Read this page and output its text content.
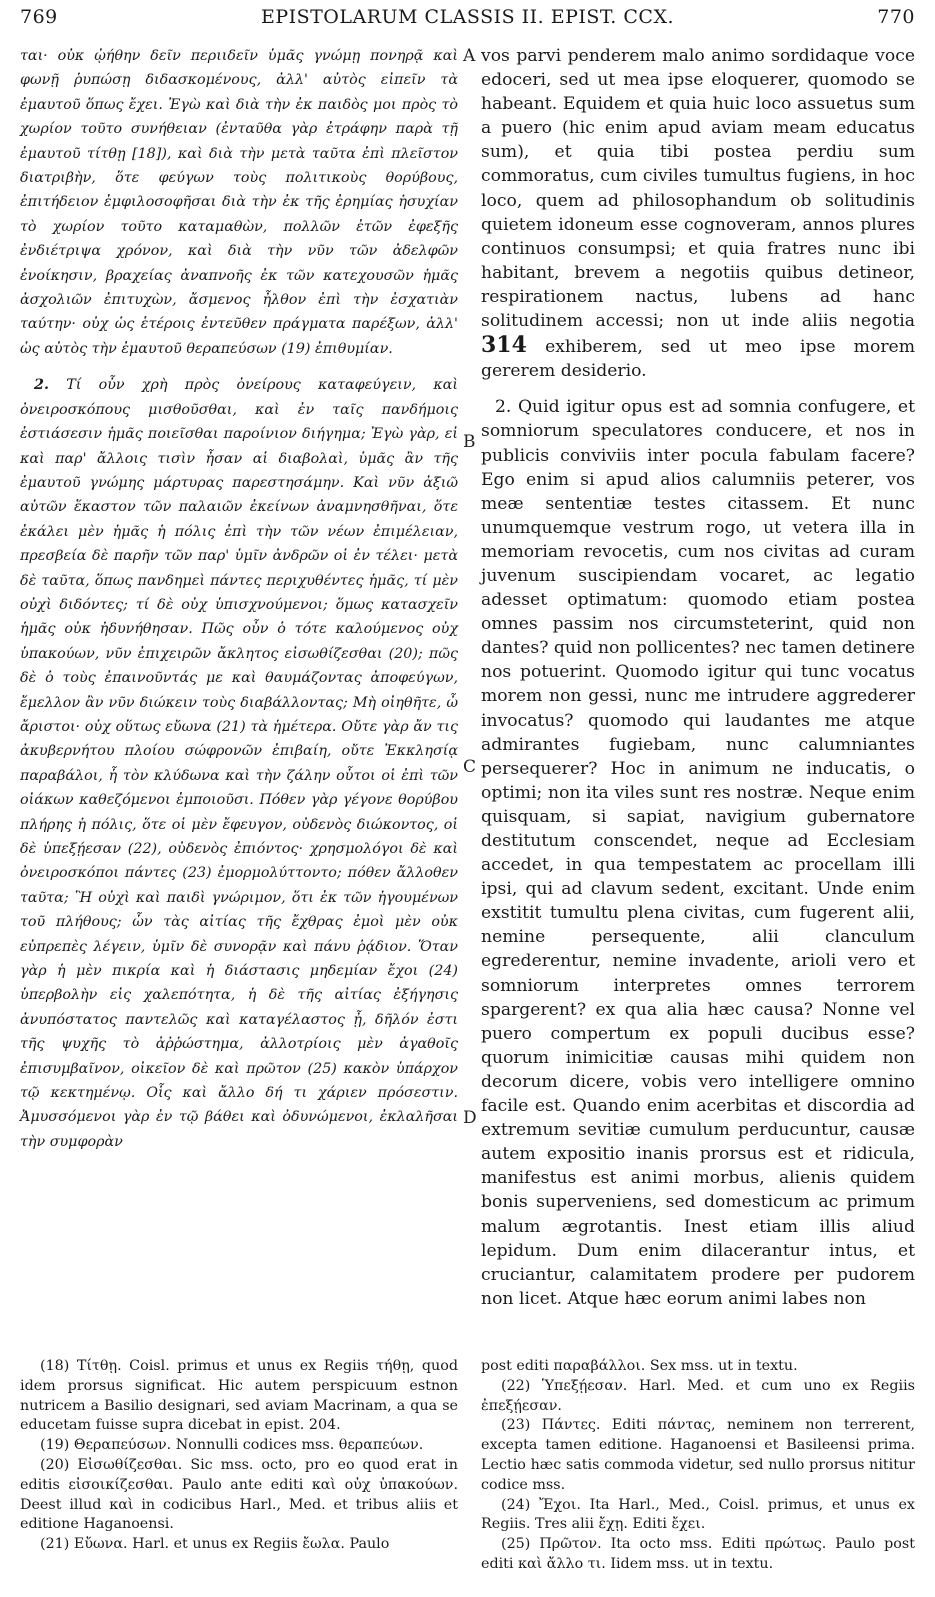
769	EPISTOLARUM CLASSIS II. EPIST. CCX.	770

ται· οὐκ ᾠήθην δεῖν περιιδεῖν ὑμᾶς γνώμῃ πονηρᾷ καὶ φωνῇ ῥυπώσῃ διδασκομένους, ἀλλ' αὐτὸς εἰπεῖν τὰ ἐμαυτοῦ ὅπως ἔχει. Ἐγὼ καὶ διὰ τὴν ἐκ παιδὸς μοι πρὸς τὸ χωρίον τοῦτο συνήθειαν (ἐνταῦθα γὰρ ἐτράφην παρὰ τῇ ἐμαυτοῦ τίτθῃ [18]), καὶ διὰ τὴν μετὰ ταῦτα ἐπὶ πλεῖστον διατριβὴν, ὅτε φεύγων τοὺς πολιτικοὺς θορύβους, ἐπιτήδειον ἐμφιλοσοφῆσαι διὰ τὴν ἐκ τῆς ἐρημίας ἡσυχίαν τὸ χωρίον τοῦτο καταμαθὼν, πολλῶν ἐτῶν ἐφεξῆς ἐνδιέτριψα χρόνον, καὶ διὰ τὴν νῦν τῶν ἀδελφῶν ἐνοίκησιν, βραχείας ἀναπνοῆς ἐκ τῶν κατεχουσῶν ἡμᾶς ἀσχολιῶν ἐπιτυχὼν, ἄσμενος ἦλθον ἐπὶ τὴν ἐσχατιὰν ταύτην· οὐχ ὡς ἑτέροις ἐντεῦθεν πράγματα παρέξων, ἀλλ' ὡς αὐτὸς τὴν ἐμαυτοῦ θεραπεύσων (19) ἐπιθυμίαν.

2. Τί οὖν χρὴ πρὸς ὀνείρους καταφεύγειν, καὶ ὀνειροσκόπους μισθοῦσθαι, καὶ ἐν ταῖς πανδήμοις ἑστιάσεσιν ἡμᾶς ποιεῖσθαι παροίνιον διήγημα; Ἐγὼ γὰρ, εἰ καὶ παρ' ἄλλοις τισὶν ἦσαν αἱ διαβολαὶ, ὑμᾶς ἂν τῆς ἐμαυτοῦ γνώμης μάρτυρας παρεστησάμην. Καὶ νῦν ἀξιῶ αὐτῶν ἕκαστον τῶν παλαιῶν ἐκείνων ἀναμνησθῆναι, ὅτε ἐκάλει μὲν ἡμᾶς ἡ πόλις ἐπὶ τὴν τῶν νέων ἐπιμέλειαν, πρεσβεία δὲ παρῆν τῶν παρ' ὑμῖν ἀνδρῶν οἱ ἐν τέλει· μετὰ δὲ ταῦτα, ὅπως πανδημεὶ πάντες περιχυθέντες ἡμᾶς, τί μὲν οὐχὶ διδόντες; τί δὲ οὐχ ὑπισχνούμενοι; ὅμως κατασχεῖν ἡμᾶς οὐκ ἠδυνήθησαν. Πῶς οὖν ὁ τότε καλούμενος οὐχ ὑπακούων, νῦν ἐπιχειρῶν ἄκλητος εἰσωθίζεσθαι (20); πῶς δὲ ὁ τοὺς ἐπαινοῦντάς με καὶ θαυμάζοντας ἀποφεύγων, ἔμελλον ἂν νῦν διώκειν τοὺς διαβάλλοντας; Μὴ οἰηθῆτε, ὦ ἄριστοι· οὐχ οὕτως εὔωνα (21) τὰ ἡμέτερα. Οὔτε γὰρ ἄν τις ἀκυβερνήτου πλοίου σώφρονῶν ἐπιβαίη, οὔτε Ἐκκλησίᾳ παραβάλοι, ἧ τὸν κλύδωνα καὶ τὴν ζάλην οὗτοι οἱ ἐπὶ τῶν οἰάκων καθεζόμενοι ἐμποιοῦσι. Πόθεν γὰρ γέγονε θορύβου πλήρης ἡ πόλις, ὅτε οἱ μὲν ἔφευγον, οὐδενὸς διώκοντος, οἱ δὲ ὑπεξῄεσαν (22), οὐδενὸς ἐπιόντος· χρησμολόγοι δὲ καὶ ὀνειροσκόποι πάντες (23) ἐμορμολύττοντο; πόθεν ἄλλοθεν ταῦτα; Ἢ οὐχὶ καὶ παιδὶ γνώριμον, ὅτι ἐκ τῶν ἡγουμένων τοῦ πλήθους; ὧν τὰς αἰτίας τῆς ἔχθρας ἐμοὶ μὲν οὐκ εὐπρεπὲς λέγειν, ὑμῖν δὲ συνορᾷν καὶ πάνυ ῥᾴδιον. Ὅταν γὰρ ἡ μὲν πικρία καὶ ἡ διάστασις μηδεμίαν ἔχοι (24) ὑπερβολὴν εἰς χαλεπότητα, ἡ δὲ τῆς αἰτίας ἐξήγησις ἀνυπόστατος παντελῶς καὶ καταγέλαστος ᾖ, δῆλόν ἐστι τῆς ψυχῆς τὸ ἀῤῥώστημα, ἀλλοτρίοις μὲν ἀγαθοῖς ἐπισυμβαῖνον, οἰκεῖον δὲ καὶ πρῶτον (25) κακὸν ὑπάρχον τῷ κεκτημένῳ. Οἷς καὶ ἄλλο δή τι χάριεν πρόσεστιν. Ἀμυσσόμενοι γὰρ ἐν τῷ βάθει καὶ ὀδυνώμενοι, ἐκλαλῆσαι τὴν συμφορὰν

A
B
C
D

vos parvi penderem malo animo sordidaque voce edoceri, sed ut mea ipse eloquerer, quomodo se habeant. Equidem et quia huic loco assuetus sum a puero (hic enim apud aviam meam educatus sum), et quia tibi postea perdiu sum commoratus, cum civiles tumultus fugiens, in hoc loco, quem ad philosophandum ob solitudinis quietem idoneum esse cognoveram, annos plures continuos consumpsi; et quia fratres nunc ibi habitant, brevem a negotiis quibus detineor, respirationem nactus, lubens ad hanc solitudinem accessi; non ut inde aliis negotia 314 exhiberem, sed ut meo ipse morem gererem desiderio.

2. Quid igitur opus est ad somnia confugere, et somniorum speculatores conducere, et nos in publicis conviviis inter pocula fabulam facere? Ego enim si apud alios calumniis peterer, vos meæ sententiæ testes citassem. Et nunc unumquemque vestrum rogo, ut vetera illa in memoriam revocetis, cum nos civitas ad curam juvenum suscipiendam vocaret, ac legatio adesset optimatum: quomodo etiam postea omnes passim nos circumsteterint, quid non dantes? quid non pollicentes? nec tamen detinere nos potuerint. Quomodo igitur qui tunc vocatus morem non gessi, nunc me intrudere aggrederer invocatus? quomodo qui laudantes me atque admirantes fugiebam, nunc calumniantes persequerer? Hoc in animum ne inducatis, o optimi; non ita viles sunt res nostræ. Neque enim quisquam, si sapiat, navigium gubernatore destitutum conscendet, neque ad Ecclesiam accedet, in qua tempestatem ac procellam illi ipsi, qui ad clavum sedent, excitant. Unde enim exstitit tumultu plena civitas, cum fugerent alii, nemine persequente, alii clanculum egrederentur, nemine invadente, arioli vero et somniorum interpretes omnes terrorem spargerent? ex qua alia hæc causa? Nonne vel puero compertum ex populi ducibus esse? quorum inimicitiæ causas mihi quidem non decorum dicere, vobis vero intelligere omnino facile est. Quando enim acerbitas et discordia ad extremum sevitiæ cumulum perducuntur, causæ autem expositio inanis prorsus est et ridicula, manifestus est animi morbus, alienis quidem bonis superveniens, sed domesticum ac primum malum ægrotantis. Inest etiam illis aliud lepidum. Dum enim dilacerantur intus, et cruciantur, calamitatem prodere per pudorem non licet. Atque hæc eorum animi labes non

(18) Τίτθῃ. Coisl. primus et unus ex Regiis τήθῃ, quod idem prorsus significat. Hic autem perspicuum estnon nutricem a Basilio designari, sed aviam Macrinam, a qua se educetam fuisse supra dicebat in epist. 204.

(19) Θεραπεύσων. Nonnulli codices mss. θεραπεύων.

(20) Εἰσωθίζεσθαι. Sic mss. octo, pro eo quod erat in editis εἰσοικίζεσθαι. Paulo ante editi καὶ οὐχ ὑπακούων. Deest illud καὶ in codicibus Harl., Med. et tribus aliis et editione Haganoensi.

(21) Εὔωνα. Harl. et unus ex Regiis ἔωλα. Paulo

post editi παραβάλλοι. Sex mss. ut in textu.

(22) Ὑπεξῄεσαν. Harl. Med. et cum uno ex Regiis ἐπεξῄεσαν.

(23) Πάντες. Editi πάντας, neminem non terrerent, excepta tamen editione. Haganoensi et Basileensi prima. Lectio hæc satis commoda videtur, sed nullo prorsus nititur codice mss.

(24) Ἔχοι. Ita Harl., Med., Coisl. primus, et unus ex Regiis. Tres alii ἔχῃ. Editi ἔχει.

(25) Πρῶτον. Ita octo mss. Editi πρώτως. Paulo post editi καὶ ἄλλο τι. Iidem mss. ut in textu.
